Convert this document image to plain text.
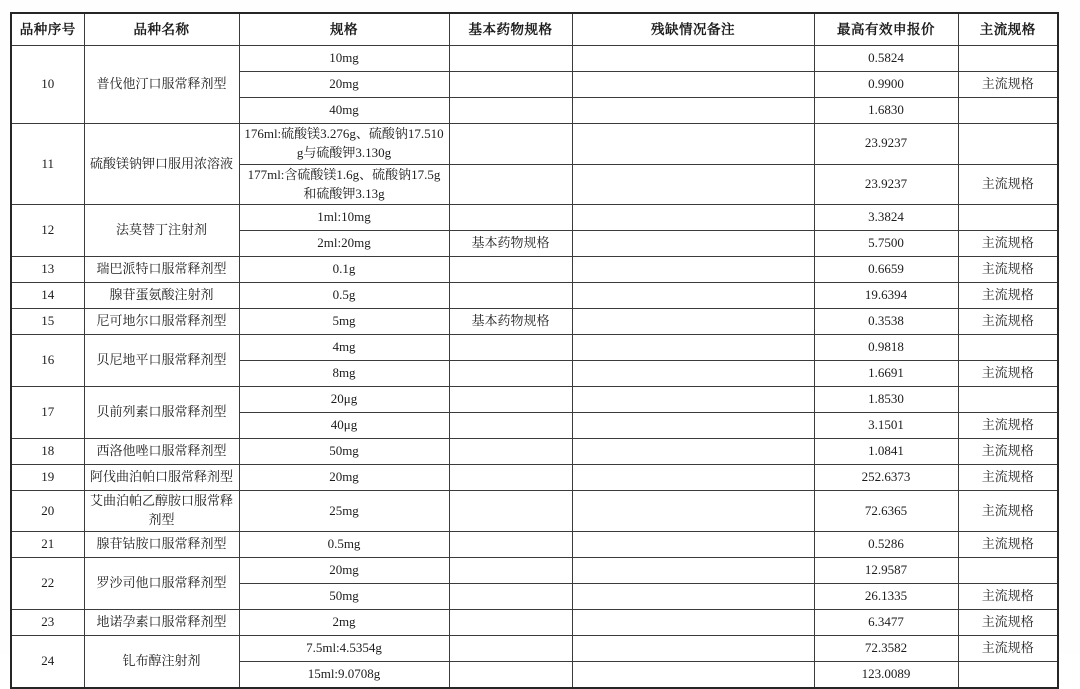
品种序号	品种名称	规格	基本药物规格	残缺情况备注	最高有效申报价	主流规格
10	普伐他汀口服常释剂型	10mg			0.5824	
		20mg			0.9900	主流规格
		40mg			1.6830	
11	硫酸镁钠钾口服用浓溶液	176ml:硫酸镁3.276g、硫酸钠17.510g与硫酸钾3.130g			23.9237	
		177ml:含硫酸镁1.6g、硫酸钠17.5g和硫酸钾3.13g			23.9237	主流规格
12	法莫替丁注射剂	1ml:10mg			3.3824	
		2ml:20mg	基本药物规格		5.7500	主流规格
13	瑞巴派特口服常释剂型	0.1g			0.6659	主流规格
14	腺苷蛋氨酸注射剂	0.5g			19.6394	主流规格
15	尼可地尔口服常释剂型	5mg	基本药物规格		0.3538	主流规格
16	贝尼地平口服常释剂型	4mg			0.9818	
		8mg			1.6691	主流规格
17	贝前列素口服常释剂型	20μg			1.8530	
		40μg			3.1501	主流规格
18	西洛他唑口服常释剂型	50mg			1.0841	主流规格
19	阿伐曲泊帕口服常释剂型	20mg			252.6373	主流规格
20	艾曲泊帕乙醇胺口服常释剂型	25mg			72.6365	主流规格
21	腺苷钴胺口服常释剂型	0.5mg			0.5286	主流规格
22	罗沙司他口服常释剂型	20mg			12.9587	
		50mg			26.1335	主流规格
23	地诺孕素口服常释剂型	2mg			6.3477	主流规格
24	钆布醇注射剂	7.5ml:4.5354g			72.3582	主流规格
		15ml:9.0708g			123.0089	
